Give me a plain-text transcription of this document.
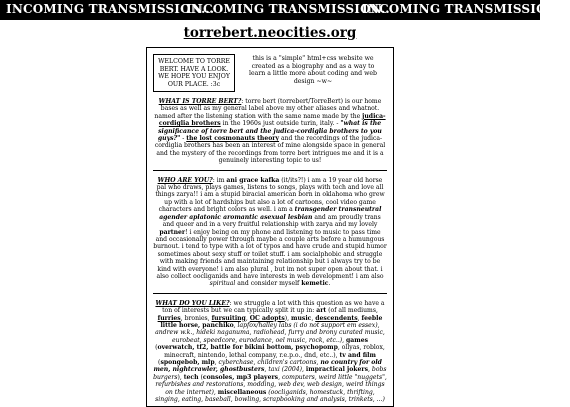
INCOMING TRANSMISSION...
INCOMING TRANSMISSION...
INCOMING TRANSMISSION...
torrebert.neocities.org
WELCOME TO TORRE BERT. HAVE A LOOK. WE HOPE YOU ENJOY OUR PLACE. :3c
this is a "simple" html+css website we created as a biography and as a way to learn a little more about coding and web design ~w~
WHAT IS TORRE BERT?: torre bert (torrebert/TorreBert) is our home bases as well as my general label above my other aliases and whatnot. named after the listening station with the same name made by the judica-cordiglia brothers in the 1960s just outside turin, italy. - "what is the significance of torre bert and the judica-cordiglia brothers to you guys?" - the lost cosmonauts theory and the recordings of the judica-cordiglia brothers has been an interest of mine alongside space in general and the mystery of the recordings from torre bert intrigues me and it is a genuinely interesting topic to us!
WHO ARE YOU?: im ani grace kafka (it/its?!) i am a 19 year old horse pal who draws, plays games, listens to songs, plays with tech and love all things zarya!! i am a stupid biracial american born in oklahoma who grew up with a lot of hardships but also a lot of cartoons, cool video game characters and bright colors as well. i am a transgender transneutral agender aplatonic aromantic asexual lesbian and am proudly trans and queer and in a very fruitful relationship with zarya and my lovely partner! i enjoy being on my phone and listening to music to pass time and occasionally power through maybe a couple arts before a humungous burnout. i tend to type with a lot of typos and have crude and stupid humor sometimes about sexy stuff or toilet stuff. i am socialphobic and struggle with making friends and maintaining relationship but i always try to be kind with everyone! i am also plural , but im not super open about that. i also collect oocliganids and have interests in web development! i am also spiritual and consider myself kemetic.
WHAT DO YOU LIKE?: we struggle a lot with this question as we have a ton of interests but we can typically split it up in: art (of all mediums, furries, bronies, fursuiting, OC adopts), music, descendents, feeble little horse, panchiko, lapfox/halley labs (i do not support em essex), andrew w.k., hideki naganuma, radiohead, furry and brony curated music, eurobeat, speedcore, eurodance, oel music, rock, etc..), games (overwatch, tf2, battle for bikini bottom, psychopomp, ollyas, roblox, minecraft, nintendo, lethal company, r.e.p.o., dnd, etc..), tv and film (spongebob, mlp, cyberchase, children's cartoons, no country for old men, nightcrawler, ghostbusters, taxi (2004), impractical jokers, bobs burgers), tech (consoles, mp3 players, computers, weird little "nuggets", refurbishes and restorations, modding, web dev, web design, weird things on the internet), miscellaneous (oocliganids, homestuck, thrifting, singing, eating, baseball, bowling, scrapbooking and analysis, trinkets, ...)
